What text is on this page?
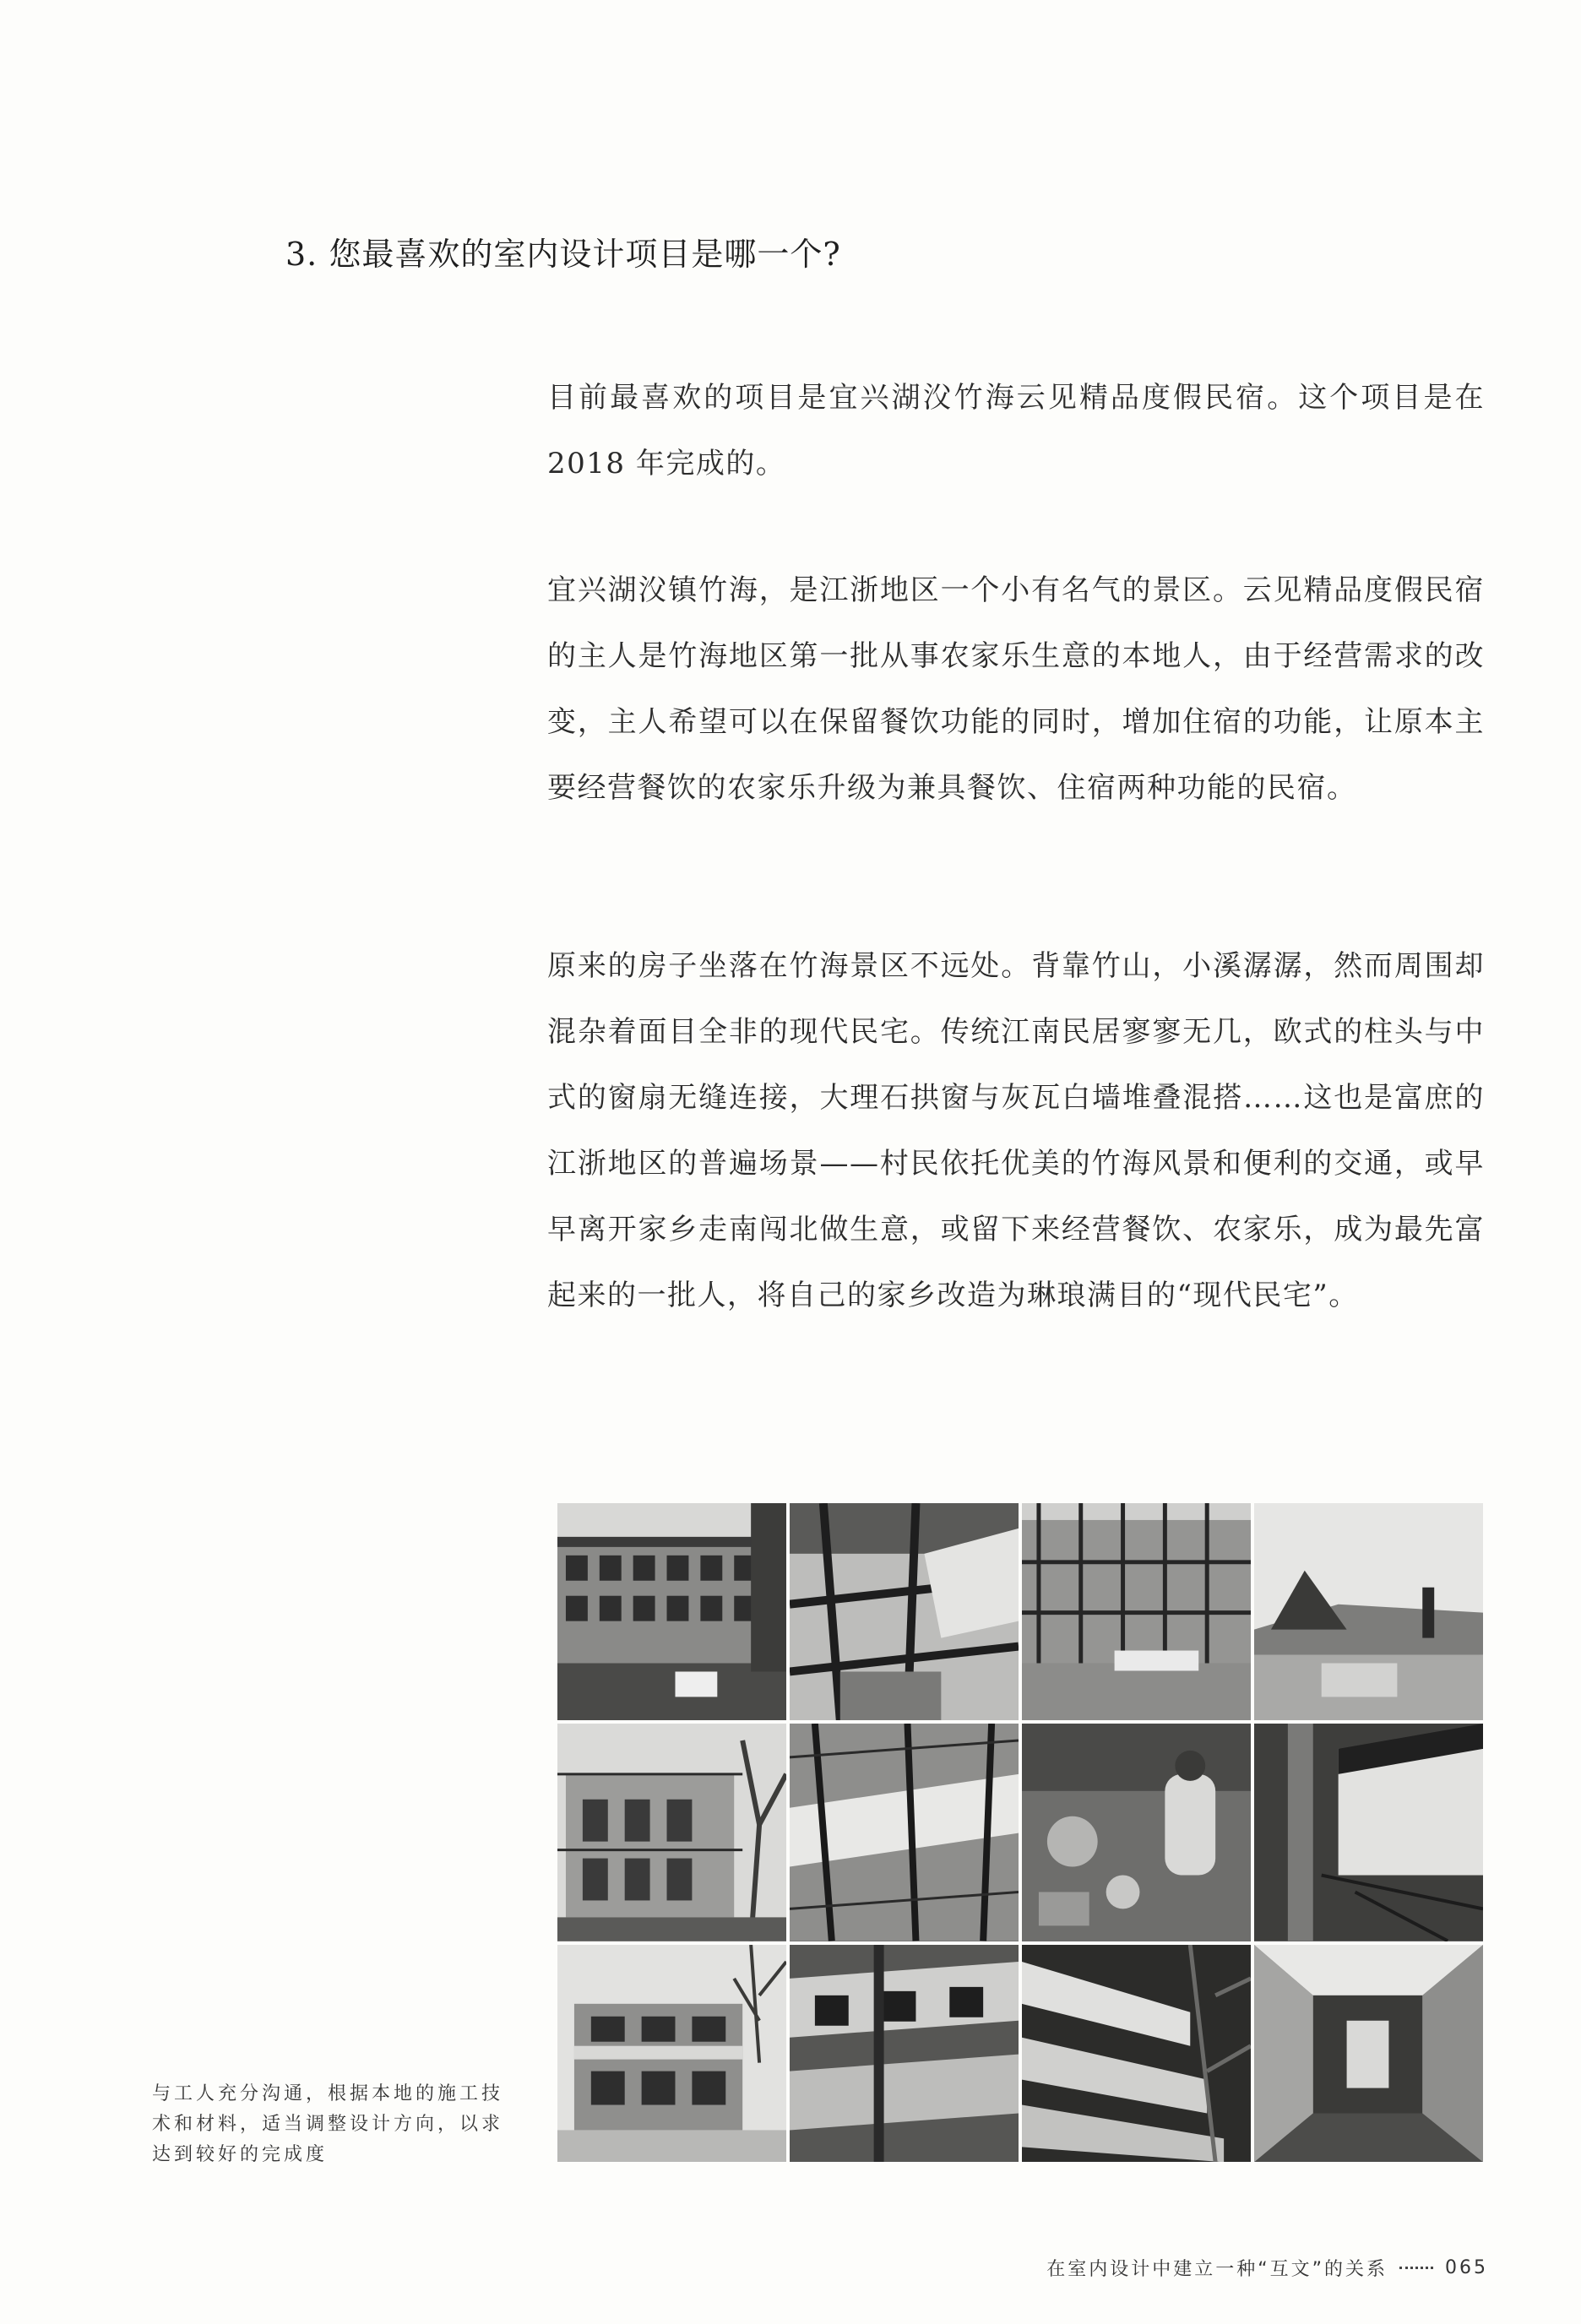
3. 您最喜欢的室内设计项目是哪一个?

目前最喜欢的项目是宜兴湖㳇竹海云见精品度假民宿。这个项目是在 2018 年完成的。

宜兴湖㳇镇竹海，是江浙地区一个小有名气的景区。云见精品度假民宿的主人是竹海地区第一批从事农家乐生意的本地人，由于经营需求的改变，主人希望可以在保留餐饮功能的同时，增加住宿的功能，让原本主要经营餐饮的农家乐升级为兼具餐饮、住宿两种功能的民宿。

原来的房子坐落在竹海景区不远处。背靠竹山，小溪潺潺，然而周围却混杂着面目全非的现代民宅。传统江南民居寥寥无几，欧式的柱头与中式的窗扇无缝连接，大理石拱窗与灰瓦白墙堆叠混搭……这也是富庶的江浙地区的普遍场景——村民依托优美的竹海风景和便利的交通，或早早离开家乡走南闯北做生意，或留下来经营餐饮、农家乐，成为最先富起来的一批人，将自己的家乡改造为琳琅满目的“现代民宅”。

与工人充分沟通，根据本地的施工技术和材料，适当调整设计方向，以求达到较好的完成度

在室内设计中建立一种“互文”的关系	065
